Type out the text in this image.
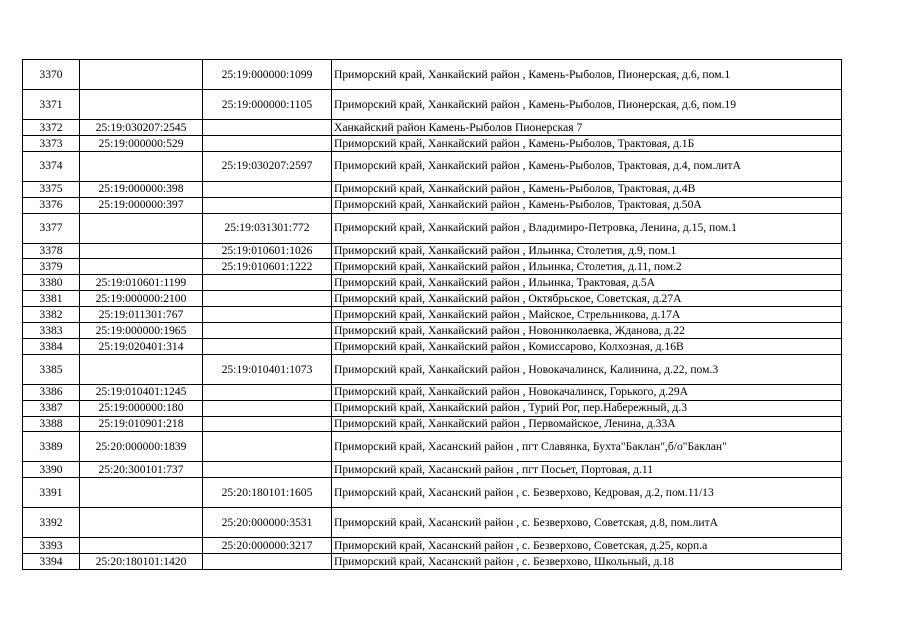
3370		25:19:000000:1099	Приморский край, Ханкайский район , Камень-Рыболов, Пионерская, д.6, пом.1
3371		25:19:000000:1105	Приморский край, Ханкайский район , Камень-Рыболов, Пионерская, д.6, пом.19
3372	25:19:030207:2545		Ханкайский район Камень-Рыболов Пионерская 7
3373	25:19:000000:529		Приморский край, Ханкайский район , Камень-Рыболов, Трактовая, д.1Б
3374		25:19:030207:2597	Приморский край, Ханкайский район , Камень-Рыболов, Трактовая, д.4, пом.литА
3375	25:19:000000:398		Приморский край, Ханкайский район , Камень-Рыболов, Трактовая, д.4В
3376	25:19:000000:397		Приморский край, Ханкайский район , Камень-Рыболов, Трактовая, д.50А
3377		25:19:031301:772	Приморский край, Ханкайский район , Владимиро-Петровка, Ленина, д.15, пом.1
3378		25:19:010601:1026	Приморский край, Ханкайский район , Ильинка, Столетия, д.9, пом.1
3379		25:19:010601:1222	Приморский край, Ханкайский район , Ильинка, Столетия, д.11, пом.2
3380	25:19:010601:1199		Приморский край, Ханкайский район , Ильинка, Трактовая, д.5А
3381	25:19:000000:2100		Приморский край, Ханкайский район , Октябрьское, Советская, д.27А
3382	25:19:011301:767		Приморский край, Ханкайский район , Майское, Стрельникова, д.17А
3383	25:19:000000:1965		Приморский край, Ханкайский район , Новониколаевка, Жданова, д.22
3384	25:19:020401:314		Приморский край, Ханкайский район , Комиссарово, Колхозная, д.16В
3385		25:19:010401:1073	Приморский край, Ханкайский район , Новокачалинск, Калинина, д.22, пом.3
3386	25:19:010401:1245		Приморский край, Ханкайский район , Новокачалинск, Горького, д.29А
3387	25:19:000000:180		Приморский край, Ханкайский район , Турий Рог, пер.Набережный, д.3
3388	25:19:010901:218		Приморский край, Ханкайский район , Первомайское, Ленина, д.33А
3389	25:20:000000:1839		Приморский край, Хасанский район , пгт Славянка, Бухта"Баклан",б/о"Баклан"
3390	25:20:300101:737		Приморский край, Хасанский район , пгт Посьет, Портовая, д.11
3391		25:20:180101:1605	Приморский край, Хасанский район , с. Безверхово, Кедровая, д.2, пом.11/13
3392		25:20:000000:3531	Приморский край, Хасанский район , с. Безверхово, Советская, д.8, пом.литА
3393		25:20:000000:3217	Приморский край, Хасанский район , с. Безверхово, Советская, д.25, корп.а
3394	25:20:180101:1420		Приморский край, Хасанский район , с. Безверхово, Школьный, д.18
